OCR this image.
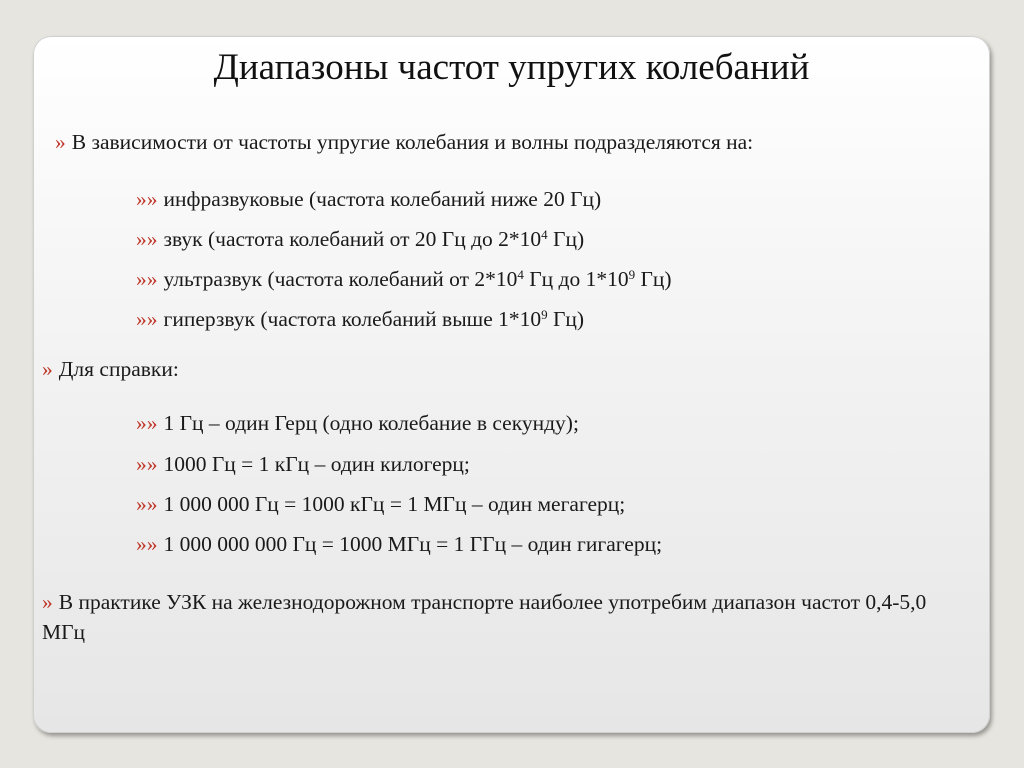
Диапазоны частот упругих колебаний
» В зависимости от частоты упругие колебания и волны подразделяются на:
»» инфразвуковые (частота колебаний ниже 20 Гц)
»» звук (частота колебаний от 20 Гц до $2*10^4$ Гц)
»» ультразвук (частота колебаний от $2*10^4$ Гц до $1*10^9$ Гц)
»» гиперзвук (частота колебаний выше $1*10^9$ Гц)
» Для справки:
»» 1 Гц – один Герц (одно колебание в секунду);
»» 1000 Гц = 1 кГц – один килогерц;
»» 1 000 000 Гц = 1000 кГц = 1 МГц – один мегагерц;
»» 1 000 000 000 Гц = 1000 МГц = 1 ГГц – один гигагерц;
» В практике УЗК на железнодорожном транспорте наиболее употребим диапазон частот 0,4-5,0 МГц
